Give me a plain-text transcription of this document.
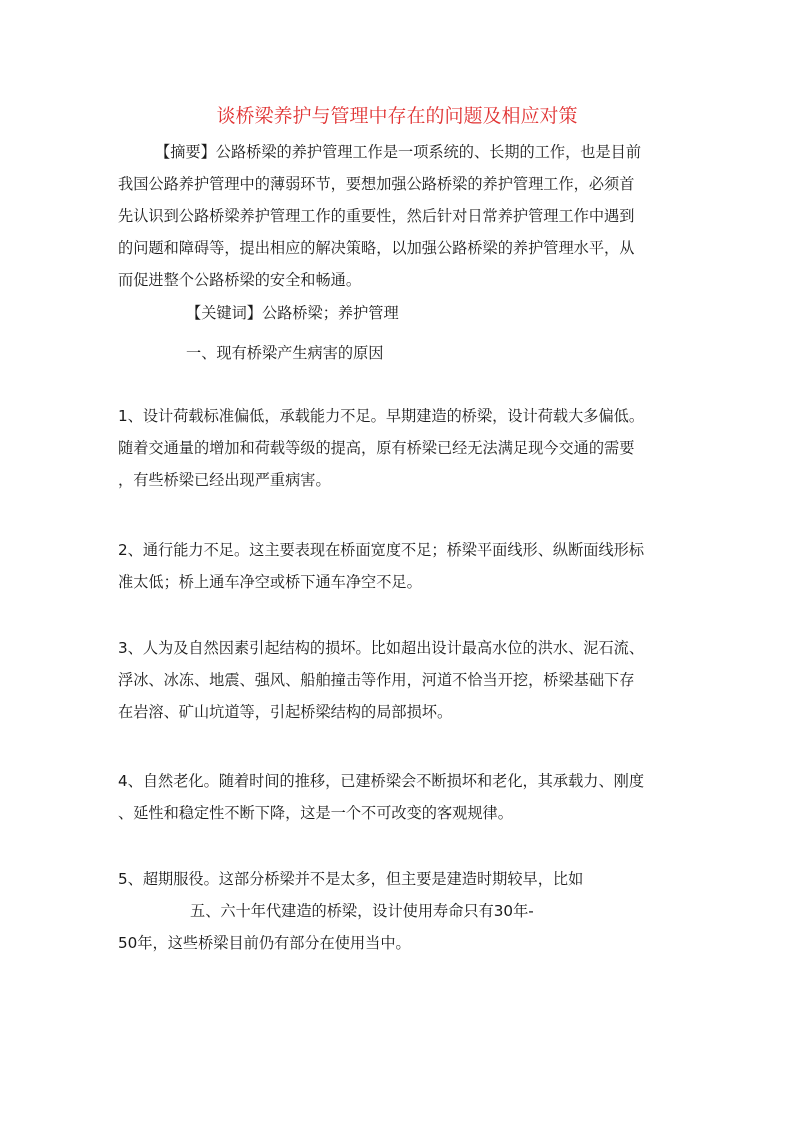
谈桥梁养护与管理中存在的问题及相应对策
【摘要】公路桥梁的养护管理工作是一项系统的、长期的工作，也是目前
我国公路养护管理中的薄弱环节，要想加强公路桥梁的养护管理工作，必须首
先认识到公路桥梁养护管理工作的重要性，然后针对日常养护管理工作中遇到
的问题和障碍等，提出相应的解决策略，以加强公路桥梁的养护管理水平，从
而促进整个公路桥梁的安全和畅通。
【关键词】公路桥梁；养护管理
一、现有桥梁产生病害的原因
1、设计荷载标准偏低，承载能力不足。早期建造的桥梁，设计荷载大多偏低。
随着交通量的增加和荷载等级的提高，原有桥梁已经无法满足现今交通的需要
，有些桥梁已经出现严重病害。
2、通行能力不足。这主要表现在桥面宽度不足；桥梁平面线形、纵断面线形标
准太低；桥上通车净空或桥下通车净空不足。
3、人为及自然因素引起结构的损坏。比如超出设计最高水位的洪水、泥石流、
浮冰、冰冻、地震、强风、船舶撞击等作用，河道不恰当开挖，桥梁基础下存
在岩溶、矿山坑道等，引起桥梁结构的局部损坏。
4、自然老化。随着时间的推移，已建桥梁会不断损坏和老化，其承载力、刚度
、延性和稳定性不断下降，这是一个不可改变的客观规律。
5、超期服役。这部分桥梁并不是太多，但主要是建造时期较早，比如
五、六十年代建造的桥梁，设计使用寿命只有30年-
50年，这些桥梁目前仍有部分在使用当中。
